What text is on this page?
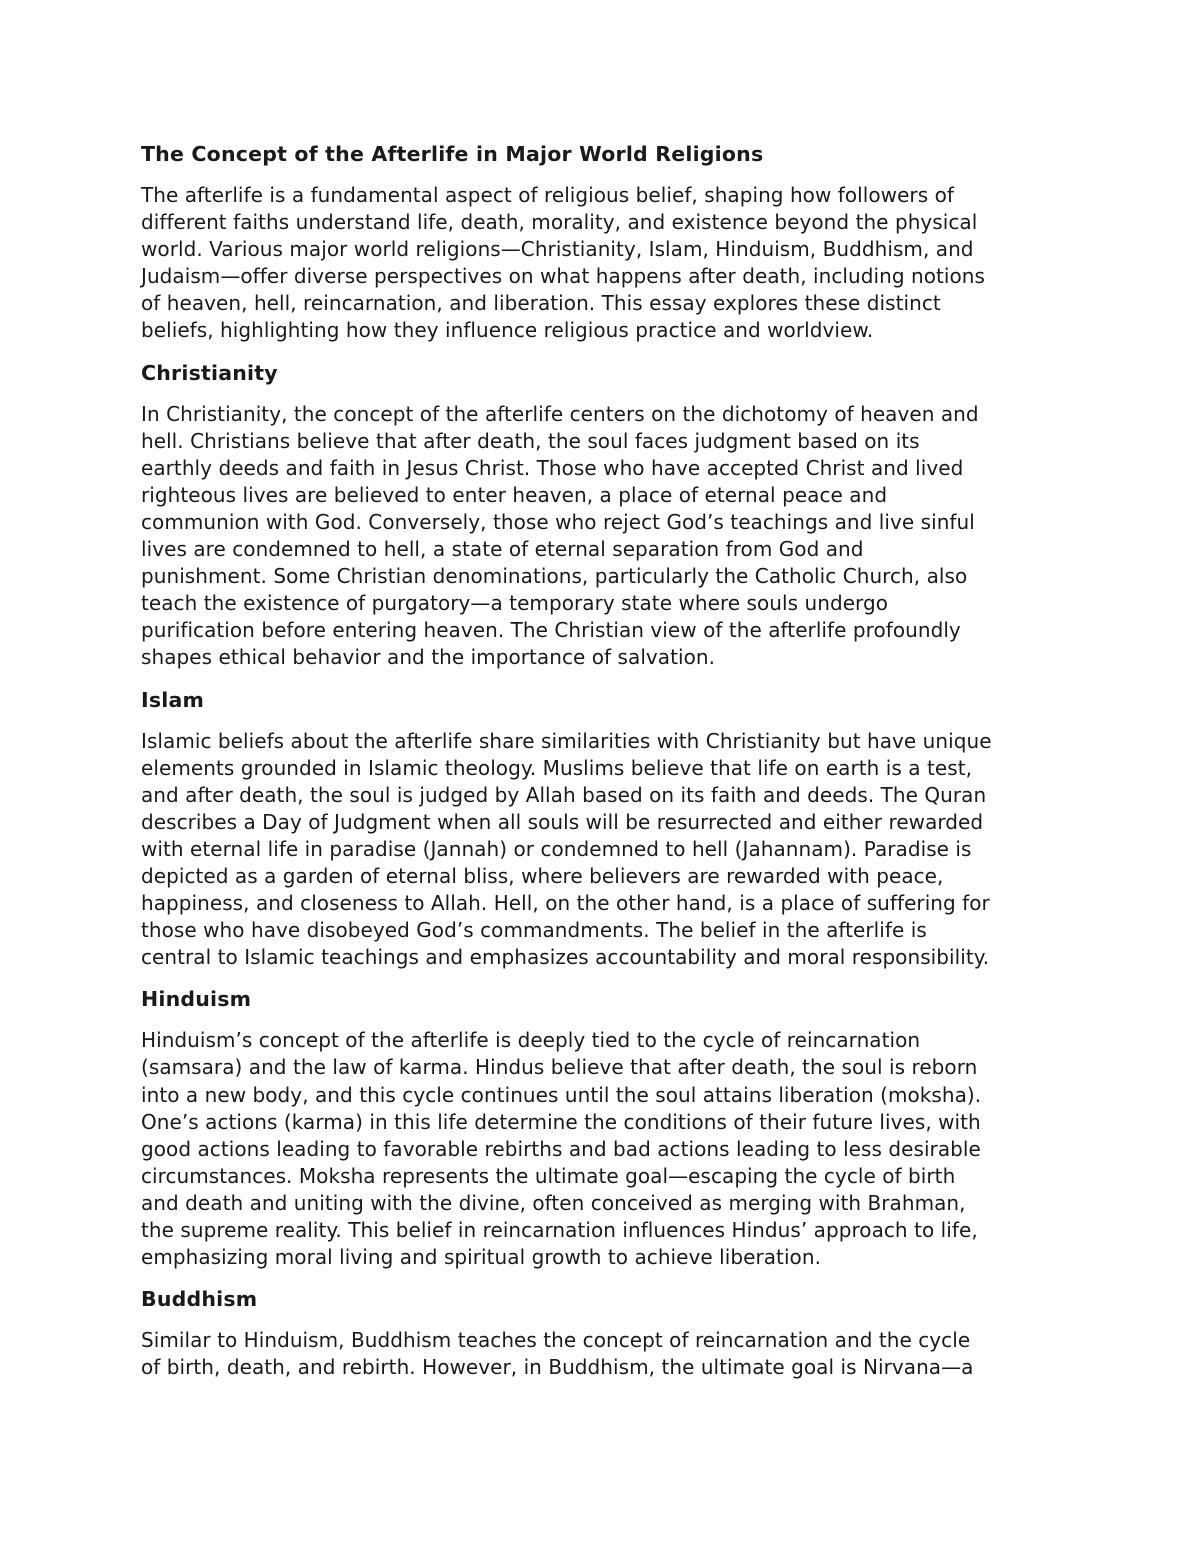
The Concept of the Afterlife in Major World Religions
The afterlife is a fundamental aspect of religious belief, shaping how followers of
different faiths understand life, death, morality, and existence beyond the physical
world. Various major world religions—Christianity, Islam, Hinduism, Buddhism, and
Judaism—offer diverse perspectives on what happens after death, including notions
of heaven, hell, reincarnation, and liberation. This essay explores these distinct
beliefs, highlighting how they influence religious practice and worldview.
Christianity
In Christianity, the concept of the afterlife centers on the dichotomy of heaven and
hell. Christians believe that after death, the soul faces judgment based on its
earthly deeds and faith in Jesus Christ. Those who have accepted Christ and lived
righteous lives are believed to enter heaven, a place of eternal peace and
communion with God. Conversely, those who reject God’s teachings and live sinful
lives are condemned to hell, a state of eternal separation from God and
punishment. Some Christian denominations, particularly the Catholic Church, also
teach the existence of purgatory—a temporary state where souls undergo
purification before entering heaven. The Christian view of the afterlife profoundly
shapes ethical behavior and the importance of salvation.
Islam
Islamic beliefs about the afterlife share similarities with Christianity but have unique
elements grounded in Islamic theology. Muslims believe that life on earth is a test,
and after death, the soul is judged by Allah based on its faith and deeds. The Quran
describes a Day of Judgment when all souls will be resurrected and either rewarded
with eternal life in paradise (Jannah) or condemned to hell (Jahannam). Paradise is
depicted as a garden of eternal bliss, where believers are rewarded with peace,
happiness, and closeness to Allah. Hell, on the other hand, is a place of suffering for
those who have disobeyed God’s commandments. The belief in the afterlife is
central to Islamic teachings and emphasizes accountability and moral responsibility.
Hinduism
Hinduism’s concept of the afterlife is deeply tied to the cycle of reincarnation
(samsara) and the law of karma. Hindus believe that after death, the soul is reborn
into a new body, and this cycle continues until the soul attains liberation (moksha).
One’s actions (karma) in this life determine the conditions of their future lives, with
good actions leading to favorable rebirths and bad actions leading to less desirable
circumstances. Moksha represents the ultimate goal—escaping the cycle of birth
and death and uniting with the divine, often conceived as merging with Brahman,
the supreme reality. This belief in reincarnation influences Hindus’ approach to life,
emphasizing moral living and spiritual growth to achieve liberation.
Buddhism
Similar to Hinduism, Buddhism teaches the concept of reincarnation and the cycle
of birth, death, and rebirth. However, in Buddhism, the ultimate goal is Nirvana—a
